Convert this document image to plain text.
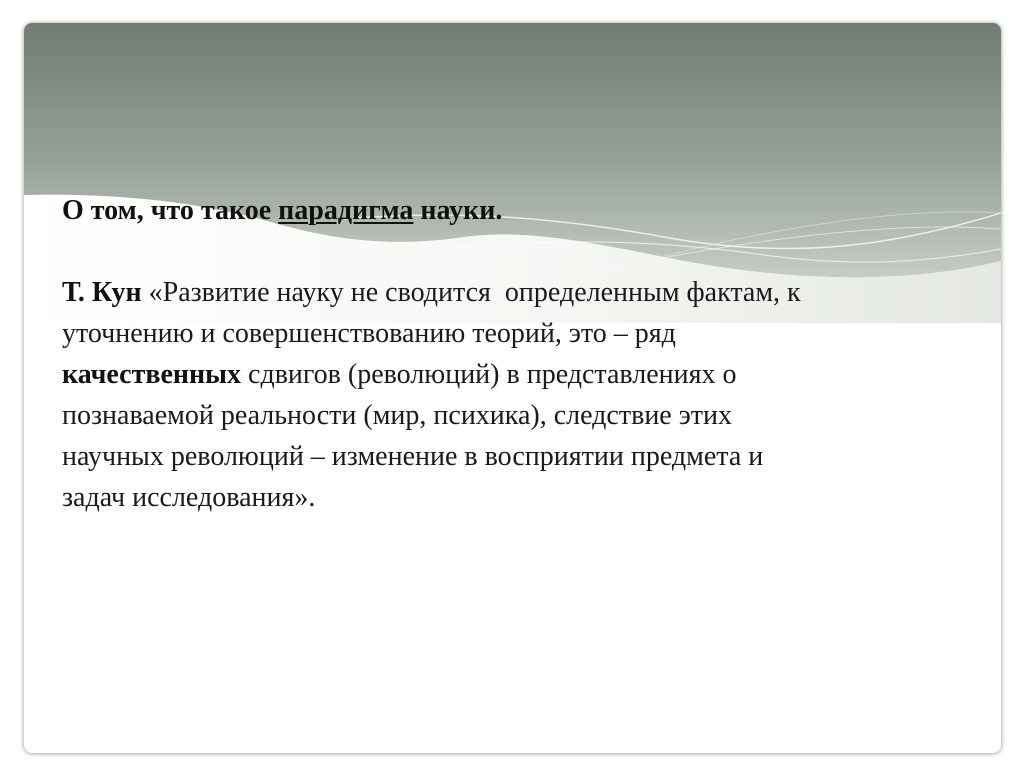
О том, что такое парадигма науки.
Т. Кун «Развитие науку не сводится  определенным фактам, к
уточнению и совершенствованию теорий, это – ряд
качественных сдвигов (революций) в представлениях о
познаваемой реальности (мир, психика), следствие этих
научных революций – изменение в восприятии предмета и
задач исследования».
